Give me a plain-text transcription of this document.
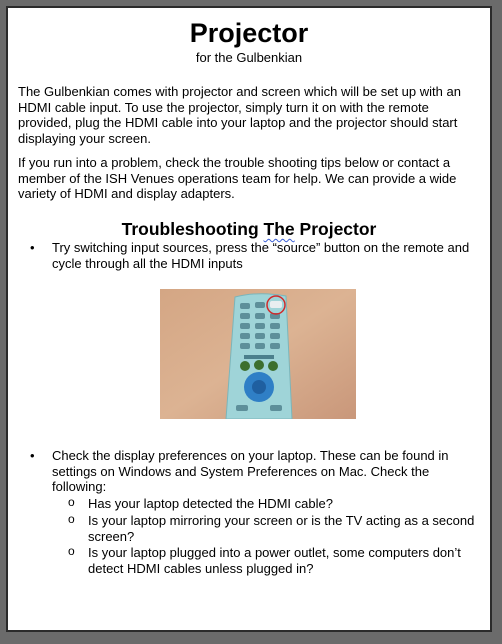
Projector
for the Gulbenkian

The Gulbenkian comes with projector and screen which will be set up with an HDMI cable input. To use the projector, simply turn it on with the remote provided, plug the HDMI cable into your laptop and the projector should start displaying your screen.

If you run into a problem, check the trouble shooting tips below or contact a member of the ISH Venues operations team for help. We can provide a wide variety of HDMI and display adapters.

Troubleshooting The Projector
•	Try switching input sources, press the “source” button on the remote and cycle through all the HDMI inputs
•	Check the display preferences on your laptop. These can be found in settings on Windows and System Preferences on Mac. Check the following:
o	Has your laptop detected the HDMI cable?
o	Is your laptop mirroring your screen or is the TV acting as a second screen?
o	Is your laptop plugged into a power outlet, some computers don’t detect HDMI cables unless plugged in?
